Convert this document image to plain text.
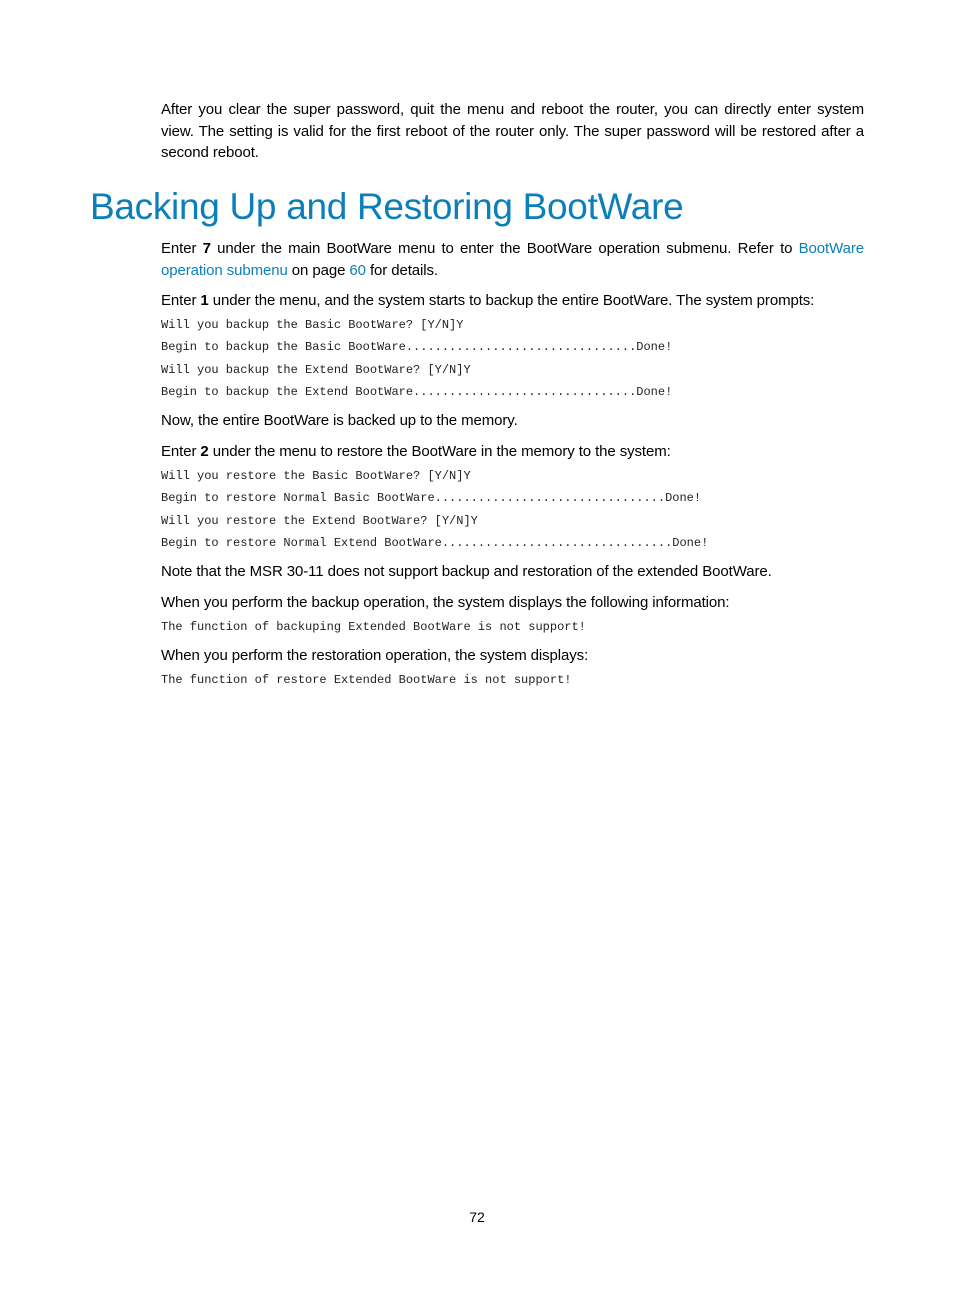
After you clear the super password, quit the menu and reboot the router, you can directly enter system view. The setting is valid for the first reboot of the router only. The super password will be restored after a second reboot.

Backing Up and Restoring BootWare

Enter 7 under the main BootWare menu to enter the BootWare operation submenu. Refer to BootWare operation submenu on page 60 for details.

Enter 1 under the menu, and the system starts to backup the entire BootWare. The system prompts:

Will you backup the Basic BootWare? [Y/N]Y
Begin to backup the Basic BootWare................................Done!
Will you backup the Extend BootWare? [Y/N]Y
Begin to backup the Extend BootWare...............................Done!

Now, the entire BootWare is backed up to the memory.

Enter 2 under the menu to restore the BootWare in the memory to the system:

Will you restore the Basic BootWare? [Y/N]Y
Begin to restore Normal Basic BootWare................................Done!
Will you restore the Extend BootWare? [Y/N]Y
Begin to restore Normal Extend BootWare................................Done!

Note that the MSR 30-11 does not support backup and restoration of the extended BootWare.

When you perform the backup operation, the system displays the following information:

The function of backuping Extended BootWare is not support!

When you perform the restoration operation, the system displays:

The function of restore Extended BootWare is not support!
72
